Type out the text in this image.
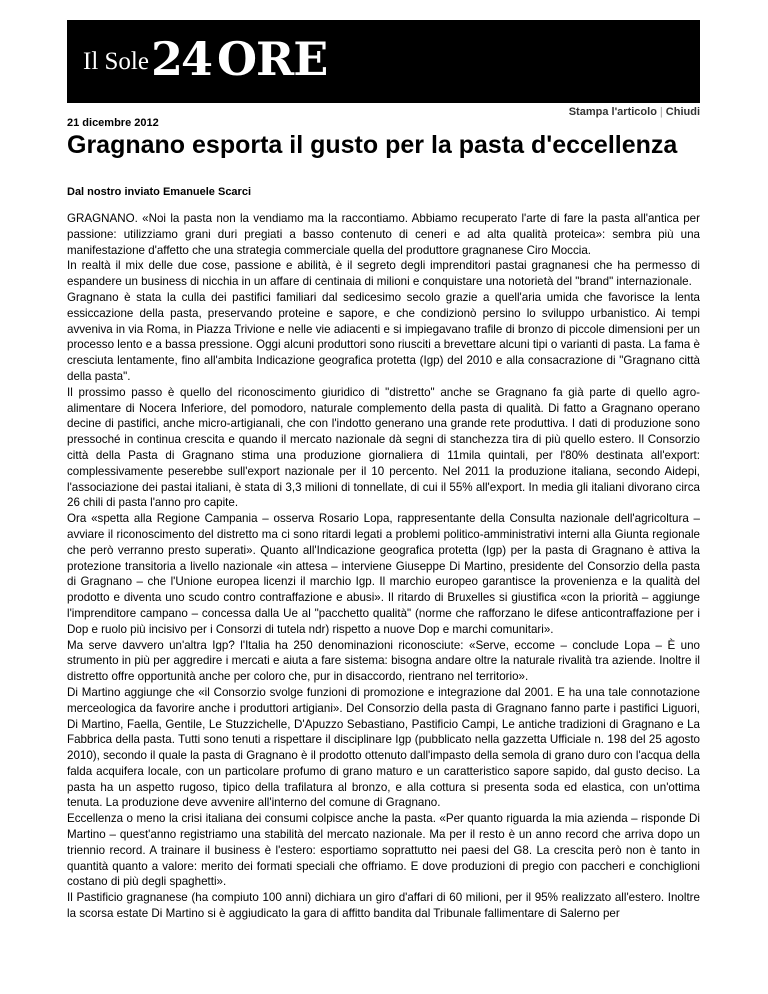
Il Sole24 ORE
Stampa l'articolo | Chiudi
21 dicembre 2012
Gragnano esporta il gusto per la pasta d'eccellenza
Dal nostro inviato Emanuele Scarci

GRAGNANO. «Noi la pasta non la vendiamo ma la raccontiamo. Abbiamo recuperato l'arte di fare la pasta all'antica per passione: utilizziamo grani duri pregiati a basso contenuto di ceneri e ad alta qualità proteica»: sembra più una manifestazione d'affetto che una strategia commerciale quella del produttore gragnanese Ciro Moccia.

In realtà il mix delle due cose, passione e abilità, è il segreto degli imprenditori pastai gragnanesi che ha permesso di espandere un business di nicchia in un affare di centinaia di milioni e conquistare una notorietà del "brand" internazionale.

Gragnano è stata la culla dei pastifici familiari dal sedicesimo secolo grazie a quell'aria umida che favorisce la lenta essiccazione della pasta, preservando proteine e sapore, e che condizionò persino lo sviluppo urbanistico. Ai tempi avveniva in via Roma, in Piazza Trivione e nelle vie adiacenti e si impiegavano trafile di bronzo di piccole dimensioni per un processo lento e a bassa pressione. Oggi alcuni produttori sono riusciti a brevettare alcuni tipi o varianti di pasta. La fama è cresciuta lentamente, fino all'ambita Indicazione geografica protetta (Igp) del 2010 e alla consacrazione di "Gragnano città della pasta".

Il prossimo passo è quello del riconoscimento giuridico di "distretto" anche se Gragnano fa già parte di quello agro-alimentare di Nocera Inferiore, del pomodoro, naturale complemento della pasta di qualità. Di fatto a Gragnano operano decine di pastifici, anche micro-artigianali, che con l'indotto generano una grande rete produttiva. I dati di produzione sono pressoché in continua crescita e quando il mercato nazionale dà segni di stanchezza tira di più quello estero. Il Consorzio città della Pasta di Gragnano stima una produzione giornaliera di 11mila quintali, per l'80% destinata all'export: complessivamente peserebbe sull'export nazionale per il 10 percento. Nel 2011 la produzione italiana, secondo Aidepi, l'associazione dei pastai italiani, è stata di 3,3 milioni di tonnellate, di cui il 55% all'export. In media gli italiani divorano circa 26 chili di pasta l'anno pro capite.

Ora «spetta alla Regione Campania – osserva Rosario Lopa, rappresentante della Consulta nazionale dell'agricoltura – avviare il riconoscimento del distretto ma ci sono ritardi legati a problemi politico-amministrativi interni alla Giunta regionale che però verranno presto superati». Quanto all'Indicazione geografica protetta (Igp) per la pasta di Gragnano è attiva la protezione transitoria a livello nazionale «in attesa – interviene Giuseppe Di Martino, presidente del Consorzio della pasta di Gragnano – che l'Unione europea licenzi il marchio Igp. Il marchio europeo garantisce la provenienza e la qualità del prodotto e diventa uno scudo contro contraffazione e abusi». Il ritardo di Bruxelles si giustifica «con la priorità – aggiunge l'imprenditore campano – concessa dalla Ue al "pacchetto qualità" (norme che rafforzano le difese anticontraffazione per i Dop e ruolo più incisivo per i Consorzi di tutela ndr) rispetto a nuove Dop e marchi comunitari».

Ma serve davvero un'altra Igp? l'Italia ha 250 denominazioni riconosciute: «Serve, eccome – conclude Lopa – È uno strumento in più per aggredire i mercati e aiuta a fare sistema: bisogna andare oltre la naturale rivalità tra aziende. Inoltre il distretto offre opportunità anche per coloro che, pur in disaccordo, rientrano nel territorio».

Di Martino aggiunge che «il Consorzio svolge funzioni di promozione e integrazione dal 2001. E ha una tale connotazione merceologica da favorire anche i produttori artigiani». Del Consorzio della pasta di Gragnano fanno parte i pastifici Liguori, Di Martino, Faella, Gentile, Le Stuzzichelle, D'Apuzzo Sebastiano, Pastificio Campi, Le antiche tradizioni di Gragnano e La Fabbrica della pasta. Tutti sono tenuti a rispettare il disciplinare Igp (pubblicato nella gazzetta Ufficiale n. 198 del 25 agosto 2010), secondo il quale la pasta di Gragnano è il prodotto ottenuto dall'impasto della semola di grano duro con l'acqua della falda acquifera locale, con un particolare profumo di grano maturo e un caratteristico sapore sapido, dal gusto deciso. La pasta ha un aspetto rugoso, tipico della trafilatura al bronzo, e alla cottura si presenta soda ed elastica, con un'ottima tenuta. La produzione deve avvenire all'interno del comune di Gragnano.

Eccellenza o meno la crisi italiana dei consumi colpisce anche la pasta. «Per quanto riguarda la mia azienda – risponde Di Martino – quest'anno registriamo una stabilità del mercato nazionale. Ma per il resto è un anno record che arriva dopo un triennio record. A trainare il business è l'estero: esportiamo soprattutto nei paesi del G8. La crescita però non è tanto in quantità quanto a valore: merito dei formati speciali che offriamo. E dove produzioni di pregio con paccheri e conchiglioni costano di più degli spaghetti».

Il Pastificio gragnanese (ha compiuto 100 anni) dichiara un giro d'affari di 60 milioni, per il 95% realizzato all'estero. Inoltre la scorsa estate Di Martino si è aggiudicato la gara di affitto bandita dal Tribunale fallimentare di Salerno per
